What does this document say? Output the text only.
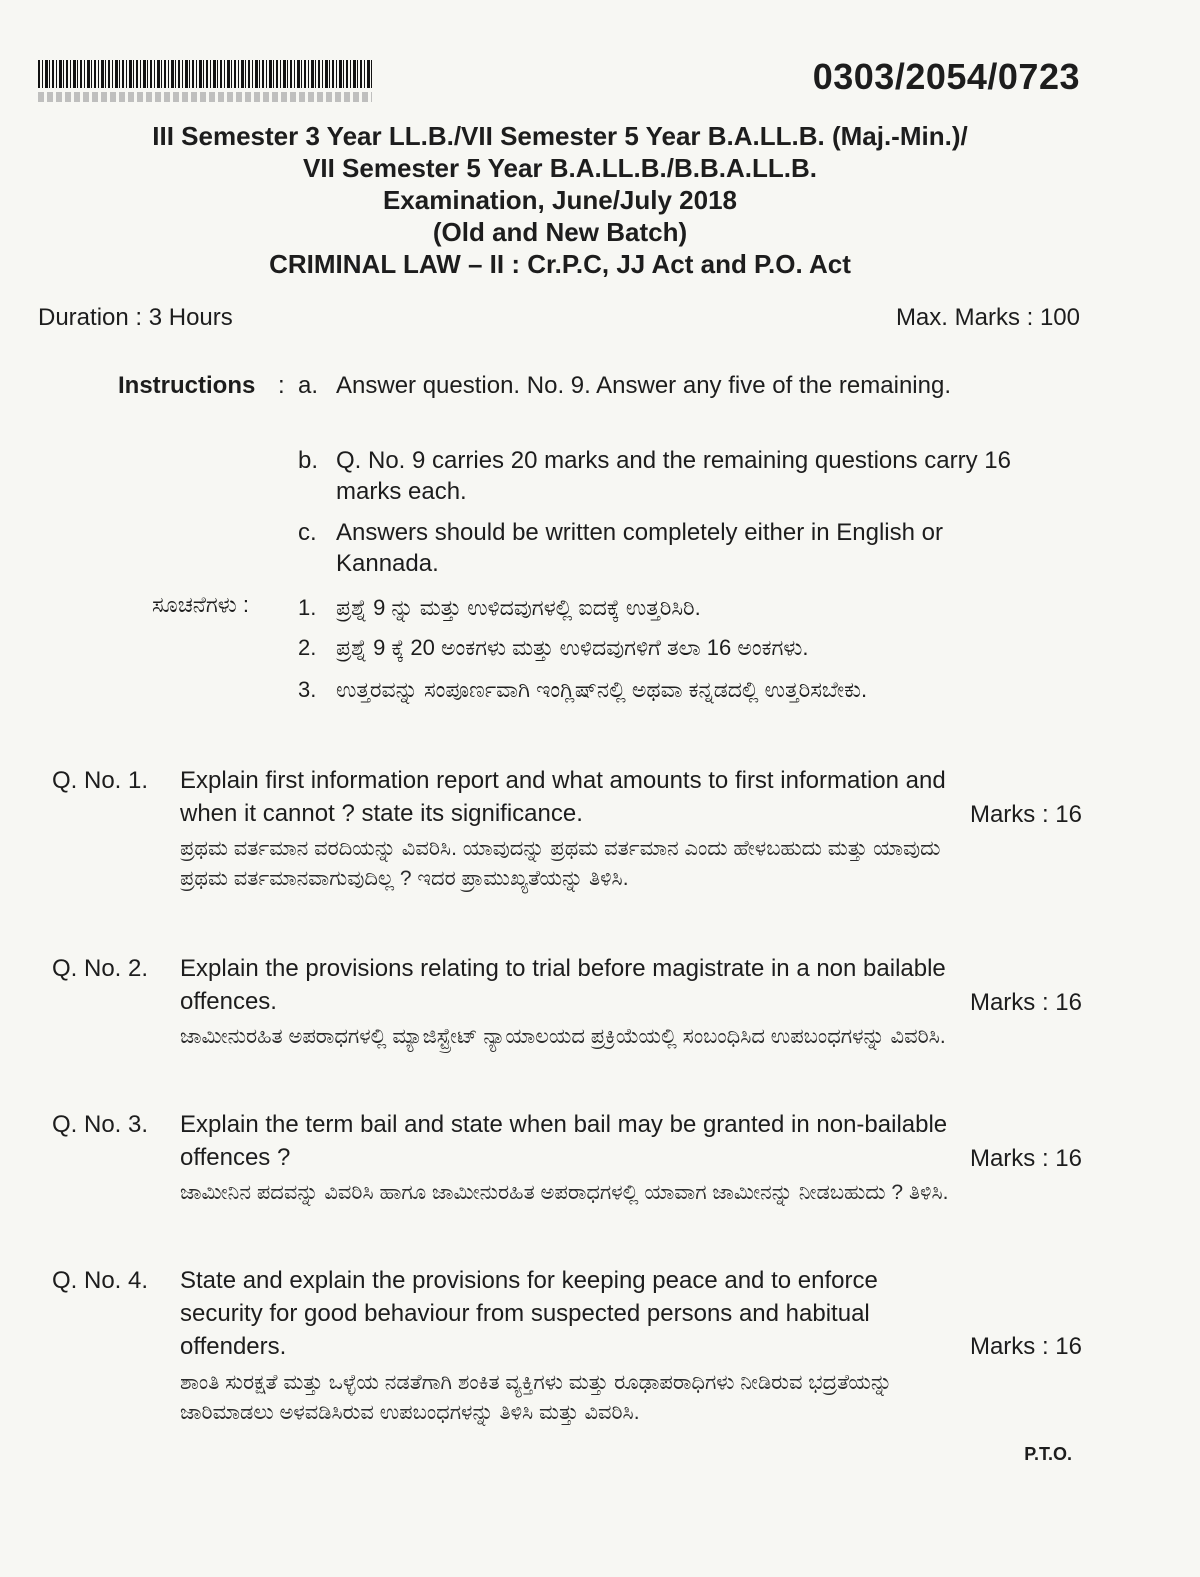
0303/2054/0723
III Semester 3 Year LL.B./VII Semester 5 Year B.A.LL.B. (Maj.-Min.)/
VII Semester 5 Year B.A.LL.B./B.B.A.LL.B.
Examination, June/July 2018
(Old and New Batch)
CRIMINAL LAW – II : Cr.P.C, JJ Act and P.O. Act
Duration : 3 Hours	Max. Marks : 100
Instructions : a. Answer question. No. 9. Answer any five of the remaining.
b. Q. No. 9 carries 20 marks and the remaining questions carry 16 marks each.
c. Answers should be written completely either in English or Kannada.
ಸೂಚನೆಗಳು : 1. ಪ್ರಶ್ನೆ 9 ನ್ನು ಮತ್ತು ಉಳಿದವುಗಳಲ್ಲಿ ಐದಕ್ಕೆ ಉತ್ತರಿಸಿರಿ.
2. ಪ್ರಶ್ನೆ 9 ಕ್ಕೆ 20 ಅಂಕಗಳು ಮತ್ತು ಉಳಿದವುಗಳಿಗೆ ತಲಾ 16 ಅಂಕಗಳು.
3. ಉತ್ತರವನ್ನು ಸಂಪೂರ್ಣವಾಗಿ ಇಂಗ್ಲಿಷ್‌ನಲ್ಲಿ ಅಥವಾ ಕನ್ನಡದಲ್ಲಿ ಉತ್ತರಿಸಬೇಕು.
Q. No. 1. Explain first information report and what amounts to first information and when it cannot ? state its significance.	Marks : 16
ಪ್ರಥಮ ವರ್ತಮಾನ ವರದಿಯನ್ನು ವಿವರಿಸಿ. ಯಾವುದನ್ನು ಪ್ರಥಮ ವರ್ತಮಾನ ಎಂದು ಹೇಳಬಹುದು ಮತ್ತು ಯಾವುದು ಪ್ರಥಮ ವರ್ತಮಾನವಾಗುವುದಿಲ್ಲ ? ಇದರ ಪ್ರಾಮುಖ್ಯತೆಯನ್ನು ತಿಳಿಸಿ.
Q. No. 2. Explain the provisions relating to trial before magistrate in a non bailable offences.	Marks : 16
ಜಾಮೀನುರಹಿತ ಅಪರಾಧಗಳಲ್ಲಿ ಮ್ಯಾಜಿಸ್ಟ್ರೇಟ್ ನ್ಯಾಯಾಲಯದ ಪ್ರಕ್ರಿಯೆಯಲ್ಲಿ ಸಂಬಂಧಿಸಿದ ಉಪಬಂಧಗಳನ್ನು ವಿವರಿಸಿ.
Q. No. 3. Explain the term bail and state when bail may be granted in non-bailable offences ?	Marks : 16
ಜಾಮೀನಿನ ಪದವನ್ನು ವಿವರಿಸಿ ಹಾಗೂ ಜಾಮೀನುರಹಿತ ಅಪರಾಧಗಳಲ್ಲಿ ಯಾವಾಗ ಜಾಮೀನನ್ನು ನೀಡಬಹುದು ? ತಿಳಿಸಿ.
Q. No. 4. State and explain the provisions for keeping peace and to enforce security for good behaviour from suspected persons and habitual offenders.	Marks : 16
ಶಾಂತಿ ಸುರಕ್ಷತೆ ಮತ್ತು ಒಳ್ಳೆಯ ನಡತೆಗಾಗಿ ಶಂಕಿತ ವ್ಯಕ್ತಿಗಳು ಮತ್ತು ರೂಢಾಪರಾಧಿಗಳು ನೀಡಿರುವ ಭದ್ರತೆಯನ್ನು ಜಾರಿಮಾಡಲು ಅಳವಡಿಸಿರುವ ಉಪಬಂಧಗಳನ್ನು ತಿಳಿಸಿ ಮತ್ತು ವಿವರಿಸಿ.
P.T.O.
